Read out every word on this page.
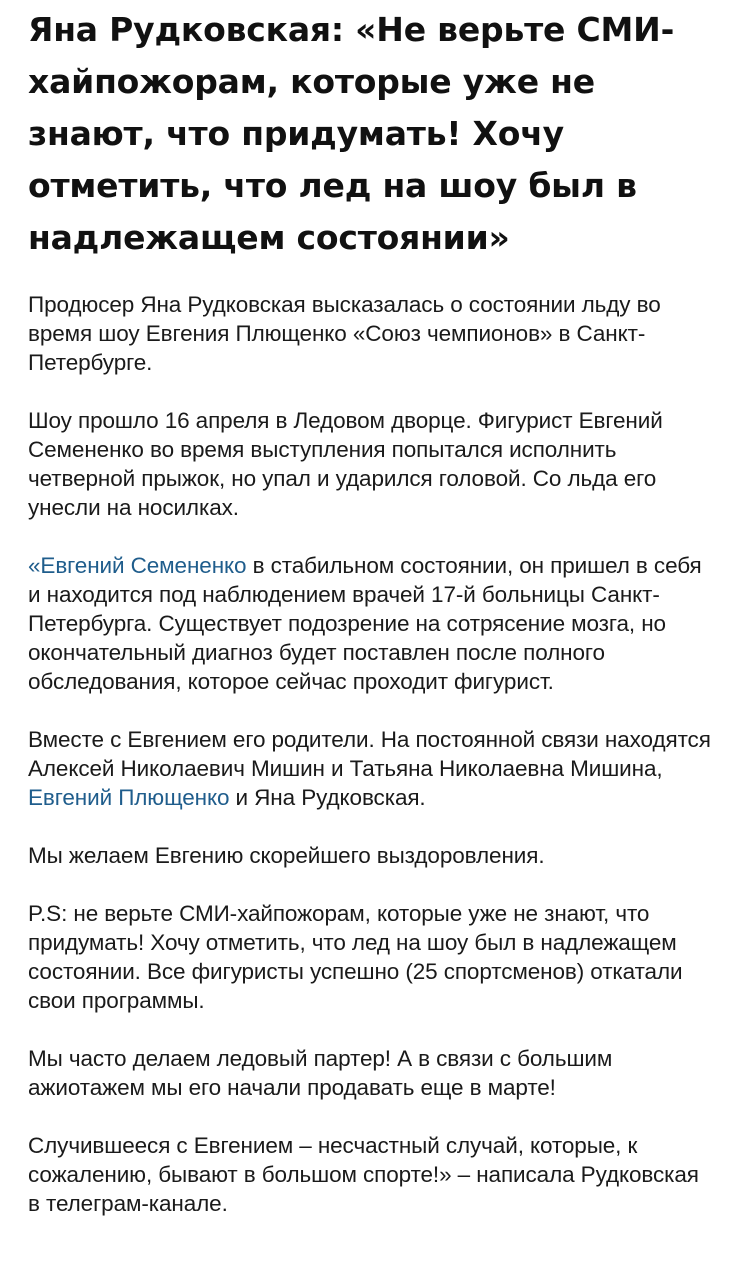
Яна Рудковская: «Не верьте СМИ-хайпожорам, которые уже не знают, что придумать! Хочу отметить, что лед на шоу был в надлежащем состоянии»

Продюсер Яна Рудковская высказалась о состоянии льду во время шоу Евгения Плющенко «Союз чемпионов» в Санкт-Петербурге.

Шоу прошло 16 апреля в Ледовом дворце. Фигурист Евгений Семененко во время выступления попытался исполнить четверной прыжок, но упал и ударился головой. Со льда его унесли на носилках.

«Евгений Семененко в стабильном состоянии, он пришел в себя и находится под наблюдением врачей 17-й больницы Санкт-Петербурга. Существует подозрение на сотрясение мозга, но окончательный диагноз будет поставлен после полного обследования, которое сейчас проходит фигурист.

Вместе с Евгением его родители. На постоянной связи находятся Алексей Николаевич Мишин и Татьяна Николаевна Мишина, Евгений Плющенко и Яна Рудковская.

Мы желаем Евгению скорейшего выздоровления.

P.S: не верьте СМИ-хайпожорам, которые уже не знают, что придумать! Хочу отметить, что лед на шоу был в надлежащем состоянии. Все фигуристы успешно (25 спортсменов) откатали свои программы.

Мы часто делаем ледовый партер! А в связи с большим ажиотажем мы его начали продавать еще в марте!

Случившееся с Евгением – несчастный случай, которые, к сожалению, бывают в большом спорте!» – написала Рудковская в телеграм-канале.
